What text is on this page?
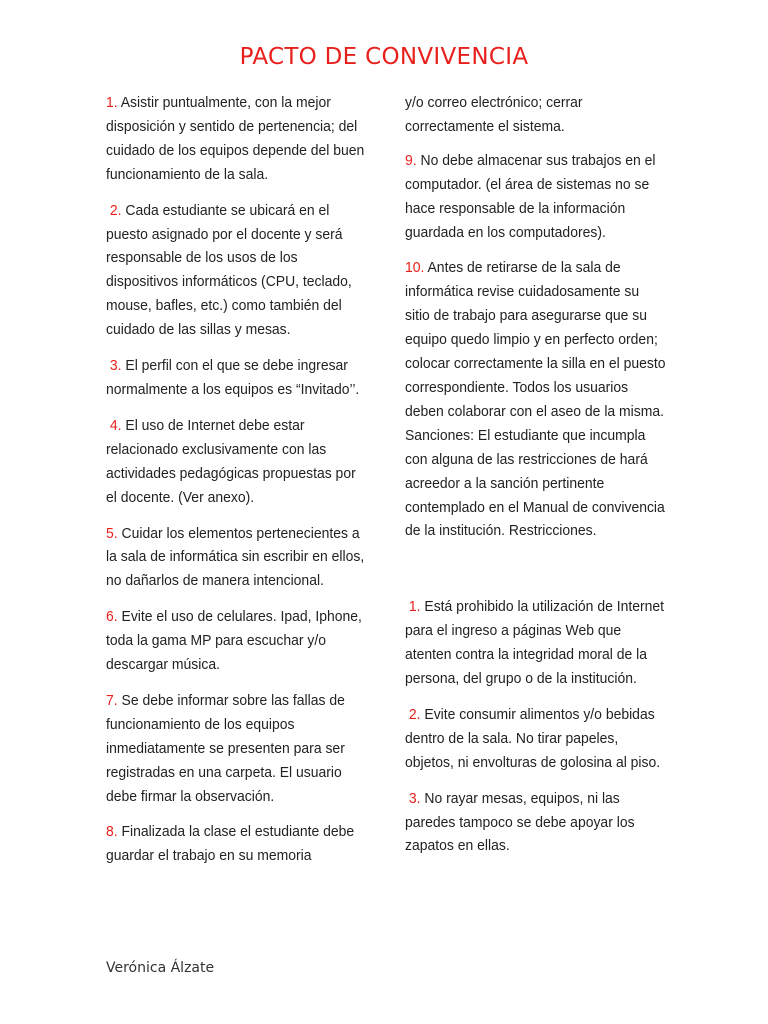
PACTO DE CONVIVENCIA

1. Asistir puntualmente, con la mejor disposición y sentido de pertenencia; del cuidado de los equipos depende del buen funcionamiento de la sala.

2. Cada estudiante se ubicará en el puesto asignado por el docente y será responsable de los usos de los dispositivos informáticos (CPU, teclado, mouse, bafles, etc.) como también del cuidado de las sillas y mesas.

3. El perfil con el que se debe ingresar normalmente a los equipos es “Invitado’’.

4. El uso de Internet debe estar relacionado exclusivamente con las actividades pedagógicas propuestas por el docente. (Ver anexo).

5. Cuidar los elementos pertenecientes a la sala de informática sin escribir en ellos, no dañarlos de manera intencional.

6. Evite el uso de celulares. Ipad, Iphone, toda la gama MP para escuchar y/o descargar música.

7. Se debe informar sobre las fallas de funcionamiento de los equipos inmediatamente se presenten para ser registradas en una carpeta. El usuario debe firmar la observación.

8. Finalizada la clase el estudiante debe guardar el trabajo en su memoria

y/o correo electrónico; cerrar correctamente el sistema.

9. No debe almacenar sus trabajos en el computador. (el área de sistemas no se hace responsable de la información guardada en los computadores).

10. Antes de retirarse de la sala de informática revise cuidadosamente su sitio de trabajo para asegurarse que su equipo quedo limpio y en perfecto orden; colocar correctamente la silla en el puesto correspondiente. Todos los usuarios deben colaborar con el aseo de la misma. Sanciones: El estudiante que incumpla con alguna de las restricciones de hará acreedor a la sanción pertinente contemplado en el Manual de convivencia de la institución. Restricciones.

1. Está prohibido la utilización de Internet para el ingreso a páginas Web que atenten contra la integridad moral de la persona, del grupo o de la institución.

2. Evite consumir alimentos y/o bebidas dentro de la sala. No tirar papeles, objetos, ni envolturas de golosina al piso.

3. No rayar mesas, equipos, ni las paredes tampoco se debe apoyar los zapatos en ellas.

Verónica Álzate
